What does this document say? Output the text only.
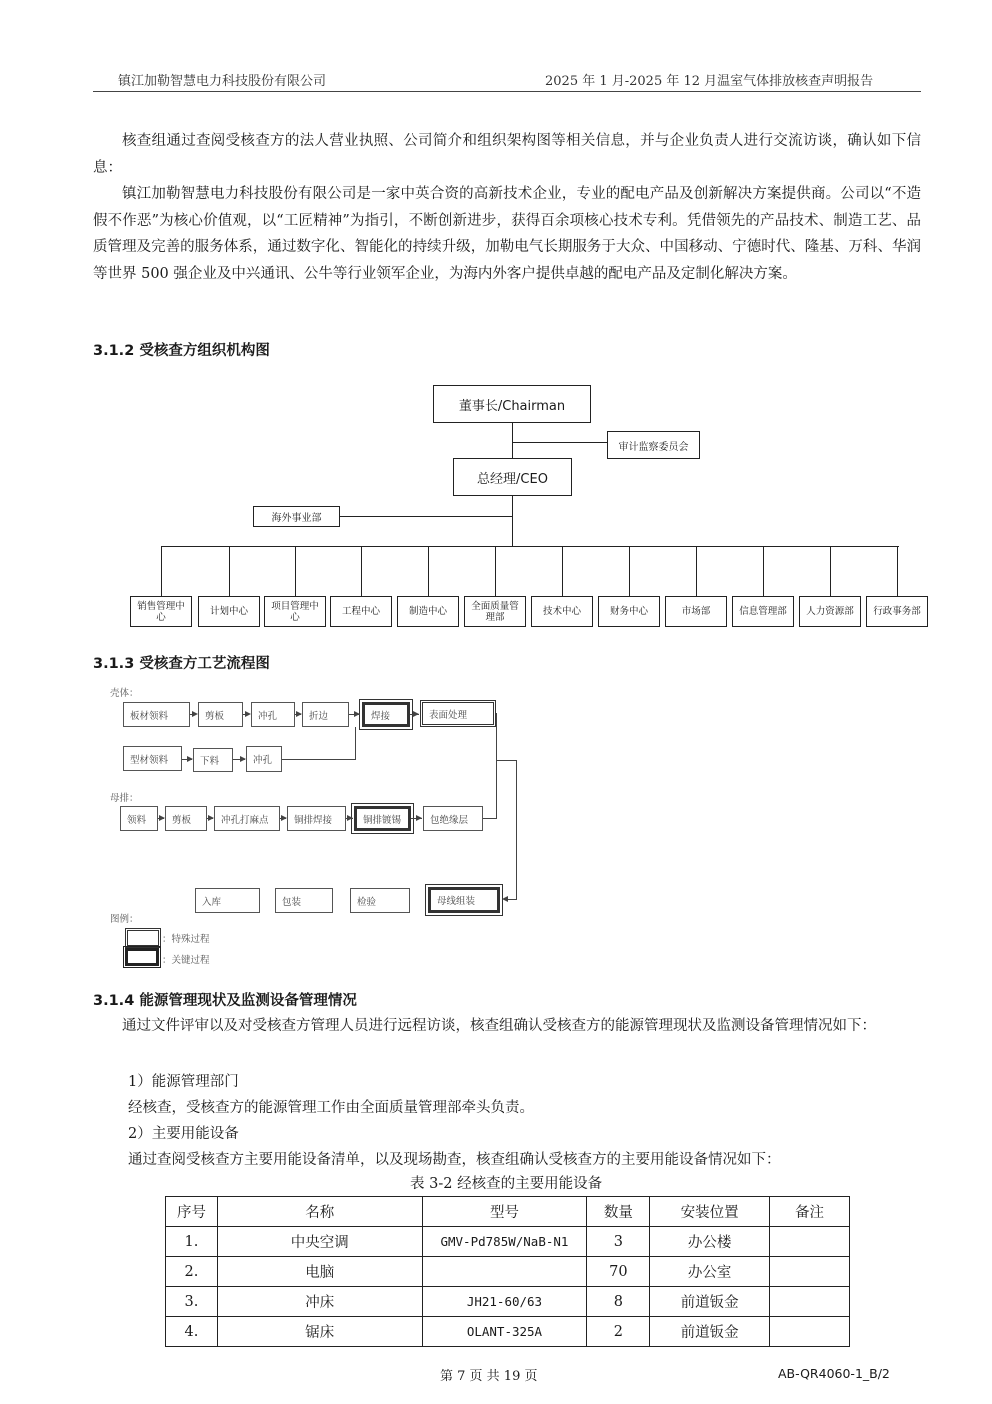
镇江加勒智慧电力科技股份有限公司	2025 年 1 月-2025 年 12 月温室气体排放核查声明报告

核查组通过查阅受核查方的法人营业执照、公司简介和组织架构图等相关信息，并与企业负责人进行交流访谈，确认如下信息：

镇江加勒智慧电力科技股份有限公司是一家中英合资的高新技术企业，专业的配电产品及创新解决方案提供商。公司以“不造假不作恶”为核心价值观，以“工匠精神”为指引，不断创新进步，获得百余项核心技术专利。凭借领先的产品技术、制造工艺、品质管理及完善的服务体系，通过数字化、智能化的持续升级，加勒电气长期服务于大众、中国移动、宁德时代、隆基、万科、华润等世界 500 强企业及中兴通讯、公牛等行业领军企业，为海内外客户提供卓越的配电产品及定制化解决方案。

3.1.2 受核查方组织机构图
董事长/Chairman
审计监察委员会
总经理/CEO
海外事业部
销售管理中心	计划中心	项目管理中心	工程中心	制造中心	全面质量管理部	技术中心	财务中心	市场部	信息管理部	人力资源部	行政事务部
3.1.3 受核查方工艺流程图
壳体：
母排：
板材领料	剪板	冲孔	折边	焊接	表面处理
型材领料	下料	冲孔
领料	剪板	冲孔打麻点	铜排焊接	铜排镀锡	包绝缘层
入库	包装	检验	母线组装
图例：
：特殊过程
：关键过程
3.1.4 能源管理现状及监测设备管理情况

通过文件评审以及对受核查方管理人员进行远程访谈，核查组确认受核查方的能源管理现状及监测设备管理情况如下：

1）能源管理部门
经核查，受核查方的能源管理工作由全面质量管理部牵头负责。
2）主要用能设备
通过查阅受核查方主要用能设备清单，以及现场勘查，核查组确认受核查方的主要用能设备情况如下：
表 3-2 经核查的主要用能设备
序号	名称	型号	数量	安装位置	备注
1.	中央空调	GMV-Pd785W/NaB-N1	3	办公楼	
2.	电脑		70	办公室	
3.	冲床	JH21-60/63	8	前道钣金	
4.	锯床	OLANT-325A	2	前道钣金	
第 7 页 共 19 页	AB-QR4060-1_B/2
